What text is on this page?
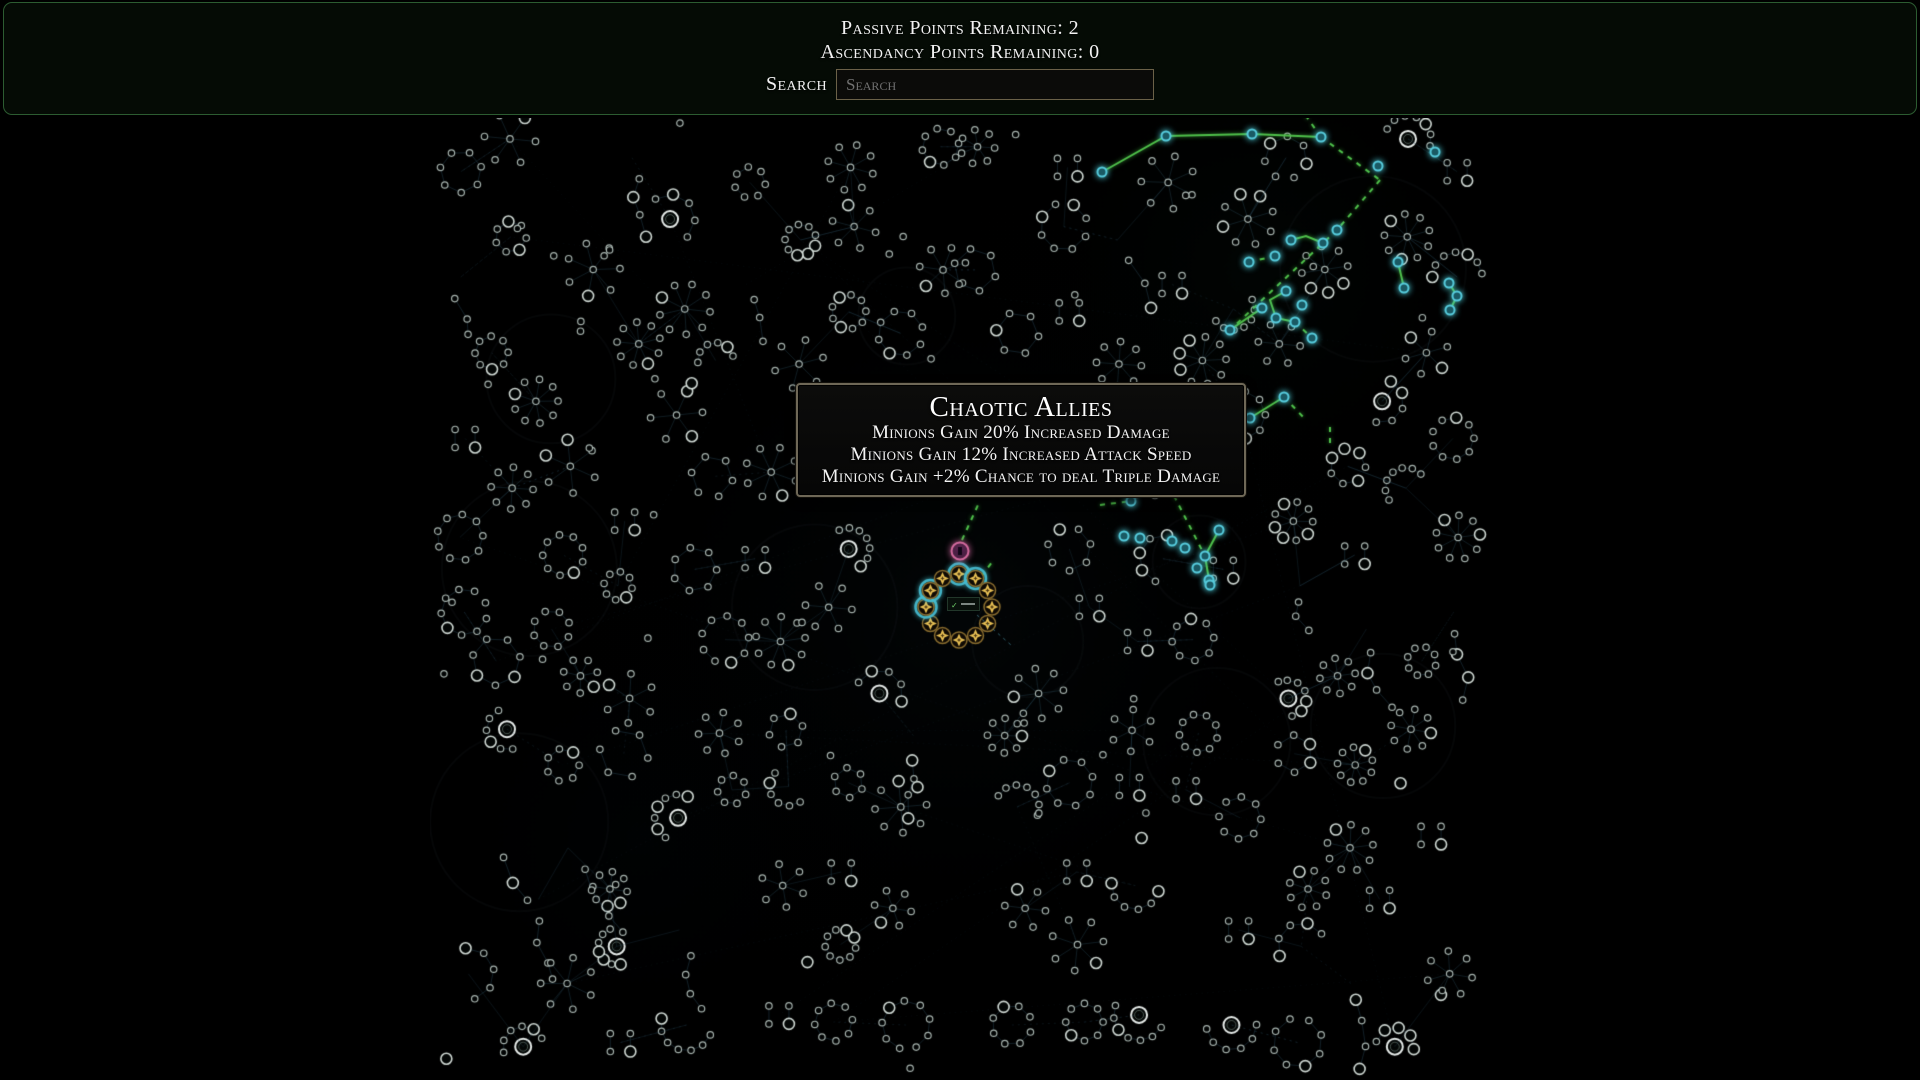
Passive Points Remaining: 2
Ascendancy Points Remaining: 0
Search
Search
✓
Chaotic Allies
Minions Gain 20% Increased Damage
Minions Gain 12% Increased Attack Speed
Minions Gain +2% Chance to deal Triple Damage
